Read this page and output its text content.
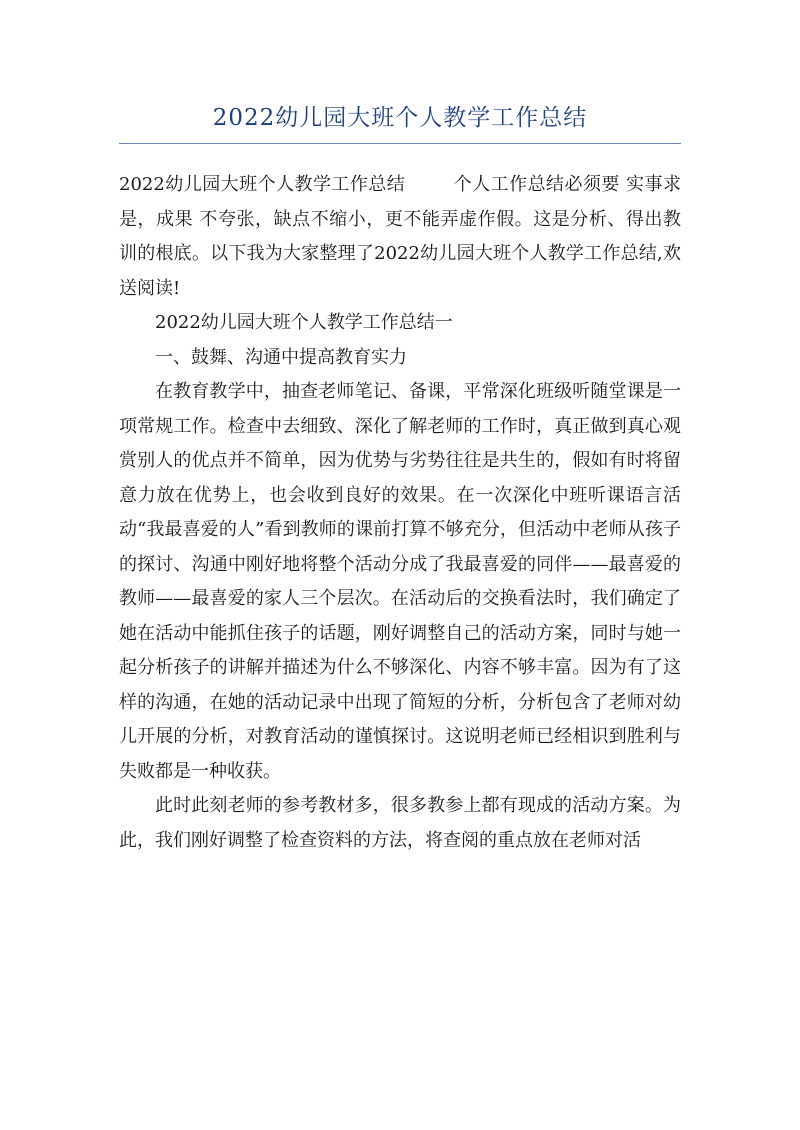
2022幼儿园大班个人教学工作总结

2022幼儿园大班个人教学工作总结	个人工作总结必须要 实事求是，成果 不夸张，缺点不缩小，更不能弄虚作假。这是分析、得出教训的根底。以下我为大家整理了2022幼儿园大班个人教学工作总结,欢送阅读!

2022幼儿园大班个人教学工作总结一

一、鼓舞、沟通中提高教育实力

在教育教学中，抽查老师笔记、备课，平常深化班级听随堂课是一项常规工作。检查中去细致、深化了解老师的工作时，真正做到真心观赏别人的优点并不简单，因为优势与劣势往往是共生的，假如有时将留意力放在优势上，也会收到良好的效果。在一次深化中班听课语言活动“我最喜爱的人”看到教师的课前打算不够充分，但活动中老师从孩子的探讨、沟通中刚好地将整个活动分成了我最喜爱的同伴——最喜爱的教师——最喜爱的家人三个层次。在活动后的交换看法时，我们确定了她在活动中能抓住孩子的话题，刚好调整自己的活动方案，同时与她一起分析孩子的讲解并描述为什么不够深化、内容不够丰富。因为有了这样的沟通，在她的活动记录中出现了简短的分析，分析包含了老师对幼儿开展的分析，对教育活动的谨慎探讨。这说明老师已经相识到胜利与失败都是一种收获。

此时此刻老师的参考教材多，很多教参上都有现成的活动方案。为此，我们刚好调整了检查资料的方法，将查阅的重点放在老师对活
